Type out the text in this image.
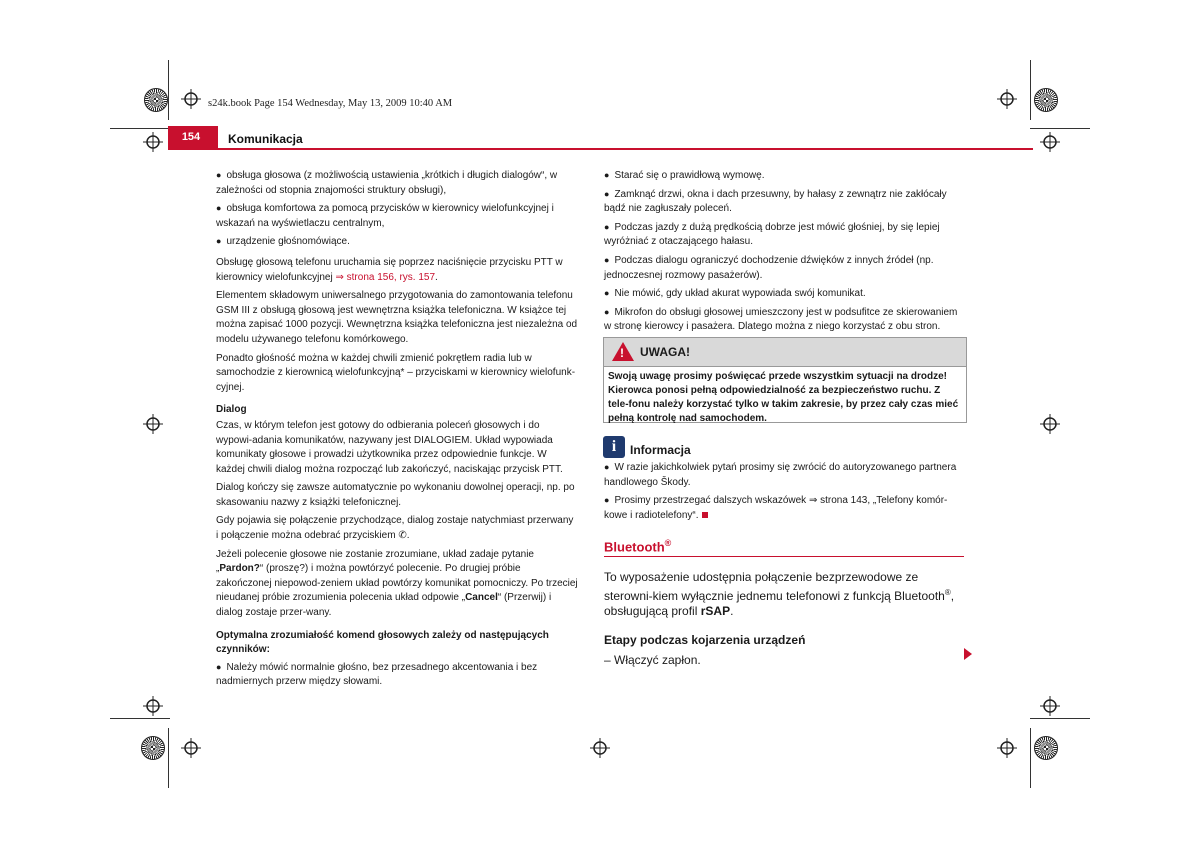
s24k.book Page 154 Wednesday, May 13, 2009 10:40 AM
154	Komunikacja
● obsługa głosowa (z możliwością ustawienia „krótkich i długich dialogów“, w zależności od stopnia znajomości struktury obsługi),
● obsługa komfortowa za pomocą przycisków w kierownicy wielofunkcyjnej i wskazań na wyświetlaczu centralnym,
● urządzenie głośnomówiące.

Obsługę głosową telefonu uruchamia się poprzez naciśnięcie przycisku PTT w kierownicy wielofunkcyjnej ⇒ strona 156, rys. 157.

Elementem składowym uniwersalnego przygotowania do zamontowania telefonu GSM III z obsługą głosową jest wewnętrzna książka telefoniczna. W książce tej można zapisać 1000 pozycji. Wewnętrzna książka telefoniczna jest niezależna od modelu używanego telefonu komórkowego.

Ponadto głośność można w każdej chwili zmienić pokrętłem radia lub w samochodzie z kierownicą wielofunkcyjną* – przyciskami w kierownicy wielofunk-cyjnej.

Dialog

Czas, w którym telefon jest gotowy do odbierania poleceń głosowych i do wypowi-adania komunikatów, nazywany jest DIALOGIEM. Układ wypowiada komunikaty głosowe i prowadzi użytkownika przez odpowiednie funkcje. W każdej chwili dialog można rozpocząć lub zakończyć, naciskając przycisk PTT.

Dialog kończy się zawsze automatycznie po wykonaniu dowolnej operacji, np. po skasowaniu nazwy z książki telefonicznej.

Gdy pojawia się połączenie przychodzące, dialog zostaje natychmiast przerwany i połączenie można odebrać przyciskiem ✆.

Jeżeli polecenie głosowe nie zostanie zrozumiane, układ zadaje pytanie „Pardon?“ (proszę?) i można powtórzyć polecenie. Po drugiej próbie zakończonej niepowod-zeniem układ powtórzy komunikat pomocniczy. Po trzeciej nieudanej próbie zrozumienia polecenia układ odpowie „Cancel“ (Przerwij) i dialog zostaje przer-wany.

Optymalna zrozumiałość komend głosowych zależy od następujących czynników:

● Należy mówić normalnie głośno, bez przesadnego akcentowania i bez nadmiernych przerw między słowami.
● Starać się o prawidłową wymowę.
● Zamknąć drzwi, okna i dach przesuwny, by hałasy z zewnątrz nie zakłócały bądź nie zagłuszały poleceń.
● Podczas jazdy z dużą prędkością dobrze jest mówić głośniej, by się lepiej wyróżniać z otaczającego hałasu.
● Podczas dialogu ograniczyć dochodzenie dźwięków z innych źródeł (np. jednoczesnej rozmowy pasażerów).
● Nie mówić, gdy układ akurat wypowiada swój komunikat.
● Mikrofon do obsługi głosowej umieszczony jest w podsufitce ze skierowaniem w stronę kierowcy i pasażera. Dlatego można z niego korzystać z obu stron.
! UWAGA!
Swoją uwagę prosimy poświęcać przede wszystkim sytuacji na drodze! Kierowca ponosi pełną odpowiedzialność za bezpieczeństwo ruchu. Z tele-fonu należy korzystać tylko w takim zakresie, by przez cały czas mieć pełną kontrolę nad samochodem.
i	Informacja
● W razie jakichkolwiek pytań prosimy się zwrócić do autoryzowanego partnera handlowego Škody.
● Prosimy przestrzegać dalszych wskazówek ⇒ strona 143, „Telefony komór-kowe i radiotelefony“.
Bluetooth®

To wyposażenie udostępnia połączenie bezprzewodowe ze sterowni-kiem wyłącznie jednemu telefonowi z funkcją Bluetooth®, obsługującą profil rSAP.

Etapy podczas kojarzenia urządzeń

– Włączyć zapłon.
